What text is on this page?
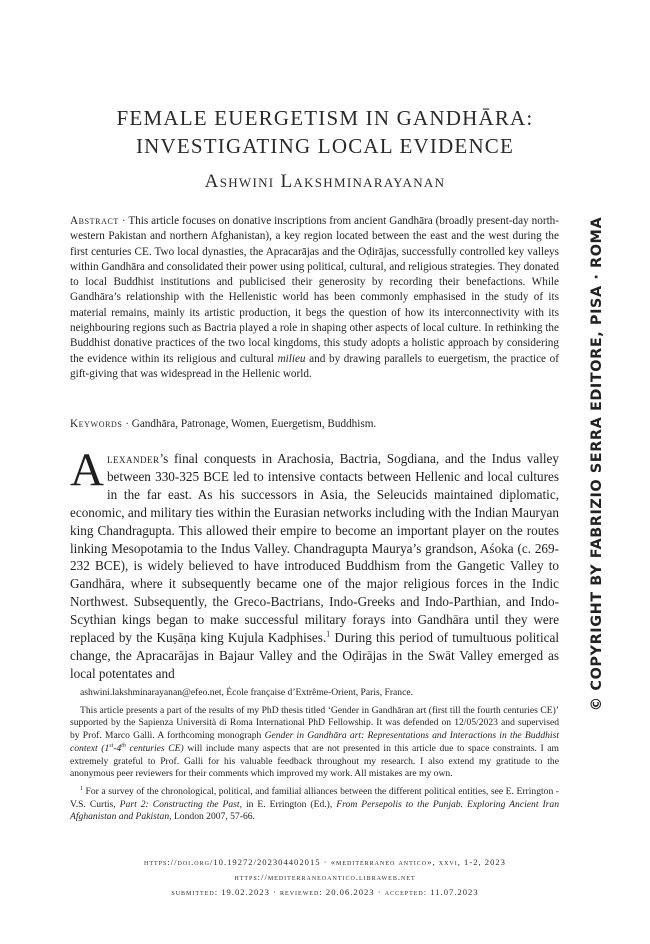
FEMALE EUERGETISM IN GANDHĀRA:
INVESTIGATING LOCAL EVIDENCE
Ashwini Lakshminarayanan
Abstract · This article focuses on donative inscriptions from ancient Gandhāra (broadly present-day north-western Pakistan and northern Afghanistan), a key region located between the east and the west during the first centuries CE. Two local dynasties, the Apracarājas and the Oḍirājas, successfully controlled key valleys within Gandhāra and consolidated their power using political, cultural, and religious strategies. They donated to local Buddhist institutions and publicised their generosity by recording their benefactions. While Gandhāra’s relationship with the Hellenistic world has been commonly emphasised in the study of its material remains, mainly its artistic production, it begs the question of how its interconnectivity with its neighbouring regions such as Bactria played a role in shaping other aspects of local culture. In rethinking the Buddhist donative practices of the two local kingdoms, this study adopts a holistic approach by considering the evidence within its religious and cultural milieu and by drawing parallels to euergetism, the practice of gift-giving that was widespread in the Hellenic world.
Keywords · Gandhāra, Patronage, Women, Euergetism, Buddhism.
Alexander’s final conquests in Arachosia, Bactria, Sogdiana, and the Indus valley between 330-325 BCE led to intensive contacts between Hellenic and local cultures in the far east. As his successors in Asia, the Seleucids maintained diplomatic, economic, and military ties within the Eurasian networks including with the Indian Mauryan king Chandragupta. This allowed their empire to become an important player on the routes linking Mesopotamia to the Indus Valley. Chandragupta Maurya’s grandson, Aśoka (c. 269-232 BCE), is widely believed to have introduced Buddhism from the Gangetic Valley to Gandhāra, where it subsequently became one of the major religious forces in the Indic Northwest. Subsequently, the Greco-Bactrians, Indo-Greeks and Indo-Parthian, and Indo-Scythian kings began to make successful military forays into Gandhāra until they were replaced by the Kuṣāṇa king Kujula Kadphises.$^1$ During this period of tumultuous political change, the Apracarājas in Bajaur Valley and the Oḍirājas in the Swāt Valley emerged as local potentates and

ashwini.lakshminarayanan@efeo.net, École française d’Extrême-Orient, Paris, France.

This article presents a part of the results of my PhD thesis titled ‘Gender in Gandhāran art (first till the fourth centuries CE)’ supported by the Sapienza Università di Roma International PhD Fellowship. It was defended on 12/05/2023 and supervised by Prof. Marco Galli. A forthcoming monograph Gender in Gandhāra art: Representations and Interactions in the Buddhist context (1st-4th centuries CE) will include many aspects that are not presented in this article due to space constraints. I am extremely grateful to Prof. Galli for his valuable feedback throughout my research. I also extend my gratitude to the anonymous peer reviewers for their comments which improved my work. All mistakes are my own.

$^1$ For a survey of the chronological, political, and familial alliances between the different political entities, see E. Errington - V.S. Curtis, Part 2: Constructing the Past, in E. Errington (Ed.), From Persepolis to the Punjab. Exploring Ancient Iran Afghanistan and Pakistan, London 2007, 57-66.

https://doi.org/10.19272/202304402015 · «mediterraneo antico», xxvi, 1-2, 2023
https://mediterraneoantico.libraweb.net
submitted: 19.02.2023 · reviewed: 20.06.2023 · accepted: 11.07.2023
© COPYRIGHT BY FABRIZIO SERRA EDITORE, PISA · ROMA
